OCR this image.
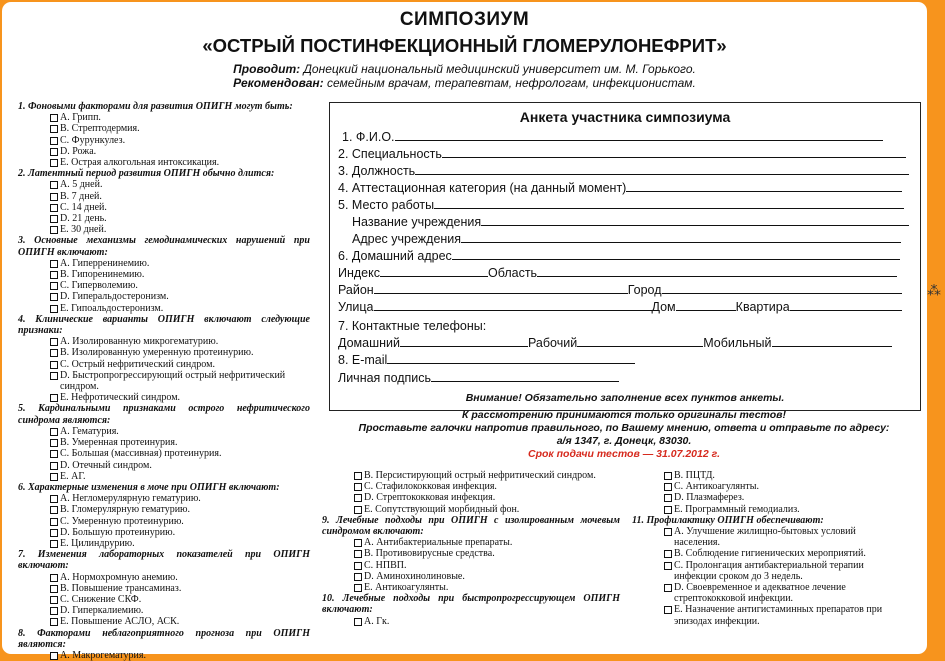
СИМПОЗИУМ
«ОСТРЫЙ ПОСТИНФЕКЦИОННЫЙ ГЛОМЕРУЛОНЕФРИТ»
Проводит: Донецкий национальный медицинский университет им. М. Горького.
Рекомендован: семейным врачам, терапевтам, нефрологам, инфекционистам.
1. Фоновыми факторами для развития ОПИГН могут быть:
А. Грипп.
В. Стрептодермия.
С. Фурункулез.
D. Рожа.
E. Острая алкогольная интоксикация.
2. Латентный период развития ОПИГН обычно длится:
А. 5 дней.
В. 7 дней.
С. 14 дней.
D. 21 день.
E. 30 дней.
3. Основные механизмы гемодинамических нарушений при ОПИГН включают:
А. Гиперренинемию.
В. Гипоренинемию.
С. Гиперволемию.
D. Гиперальдостеронизм.
E. Гипоальдостеронизм.
4. Клинические варианты ОПИГН включают следующие признаки:
А. Изолированную микрогематурию.
В. Изолированную умеренную протеинурию.
С. Острый нефритический синдром.
D. Быстропрогрессирующий острый нефритический синдром.
E. Нефротический синдром.
5. Кардинальными признаками острого нефритического синдрома являются:
А. Гематурия.
В. Умеренная протеинурия.
С. Большая (массивная) протеинурия.
D. Отечный синдром.
E. АГ.
6. Характерные изменения в моче при ОПИГН включают:
А. Негломерулярную гематурию.
В. Гломерулярную гематурию.
С. Умеренную протеинурию.
D. Большую протеинурию.
E. Цилиндрурию.
7. Изменения лабораторных показателей при ОПИГН включают:
А. Нормохромную анемию.
В. Повышение трансаминаз.
С. Снижение СКФ.
D. Гиперкалиемию.
E. Повышение АСЛО, АСК.
8. Факторами неблагоприятного прогноза при ОПИГН являются:
А. Макрогематурия.
Анкета участника симпозиума
1. Ф.И.О.
2. Специальность
3. Должность
4. Аттестационная категория (на данный момент)
5. Место работы
Название учреждения
Адрес учреждения
6. Домашний адрес
Индекс	Область
Район	Город
Улица	Дом	Квартира
7. Контактные телефоны:
Домашний	Рабочий	Мобильный
8. E-mail
Личная подпись
Внимание! Обязательно заполнение всех пунктов анкеты.
К рассмотрению принимаются только оригиналы тестов!
Проставьте галочки напротив правильного, по Вашему мнению, ответа и отправьте по адресу:
а/я 1347, г. Донецк, 83030.
Срок подачи тестов — 31.07.2012 г.
В. Персистирующий острый нефритический синдром.
С. Стафилококковая инфекция.
D. Стрептококковая инфекция.
E. Сопутствующий морбидный фон.
9. Лечебные подходы при ОПИГН с изолированным мочевым синдромом включают:
А. Антибактериальные препараты.
В. Противовирусные средства.
С. НПВП.
D. Аминохинолиновые.
E. Антикоагулянты.
10. Лечебные подходы при быстропрогрессирующем ОПИГН включают:
А. Гк.
В. ПЦТД.
С. Антикоагулянты.
D. Плазмаферез.
E. Программный гемодиализ.
11. Профилактику ОПИГН обеспечивают:
А. Улучшение жилищно-бытовых условий населения.
В. Соблюдение гигиенических мероприятий.
С. Пролонгация антибактериальной терапии инфекции сроком до 3 недель.
D. Своевременное и адекватное лечение стрептококковой инфекции.
E. Назначение антигистаминных препаратов при эпизодах инфекции.
⁂
